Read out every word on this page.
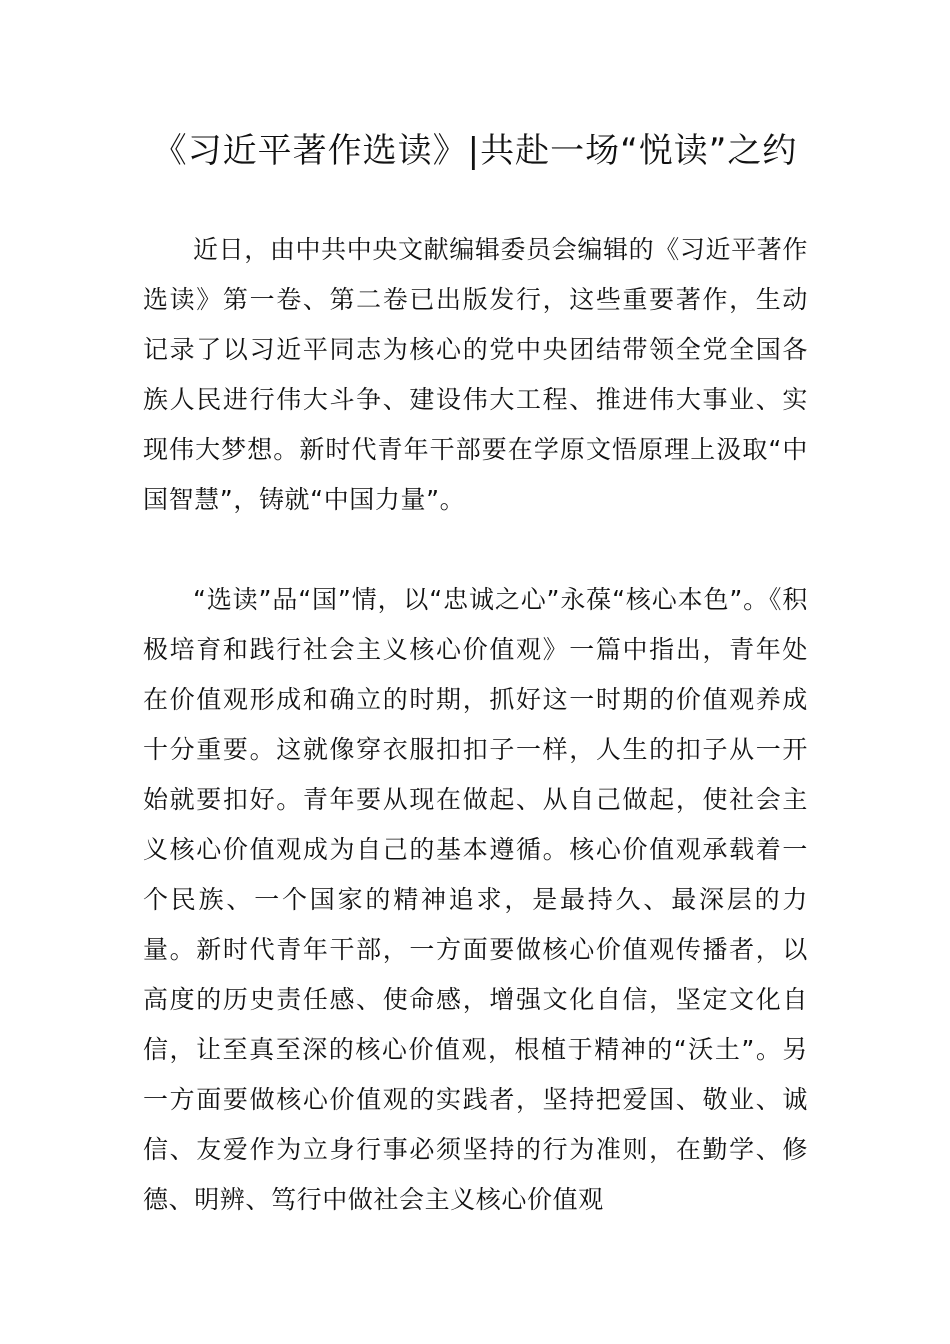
《习近平著作选读》|共赴一场“悦读”之约

近日，由中共中央文献编辑委员会编辑的《习近平著作选读》第一卷、第二卷已出版发行，这些重要著作，生动记录了以习近平同志为核心的党中央团结带领全党全国各族人民进行伟大斗争、建设伟大工程、推进伟大事业、实现伟大梦想。新时代青年干部要在学原文悟原理上汲取“中国智慧”，铸就“中国力量”。

“选读”品“国”情，以“忠诚之心”永葆“核心本色”。《积极培育和践行社会主义核心价值观》一篇中指出，青年处在价值观形成和确立的时期，抓好这一时期的价值观养成十分重要。这就像穿衣服扣扣子一样，人生的扣子从一开始就要扣好。青年要从现在做起、从自己做起，使社会主义核心价值观成为自己的基本遵循。核心价值观承载着一个民族、一个国家的精神追求，是最持久、最深层的力量。新时代青年干部，一方面要做核心价值观传播者，以高度的历史责任感、使命感，增强文化自信，坚定文化自信，让至真至深的核心价值观，根植于精神的“沃土”。另一方面要做核心价值观的实践者，坚持把爱国、敬业、诚信、友爱作为立身行事必须坚持的行为准则，在勤学、修德、明辨、笃行中做社会主义核心价值观
